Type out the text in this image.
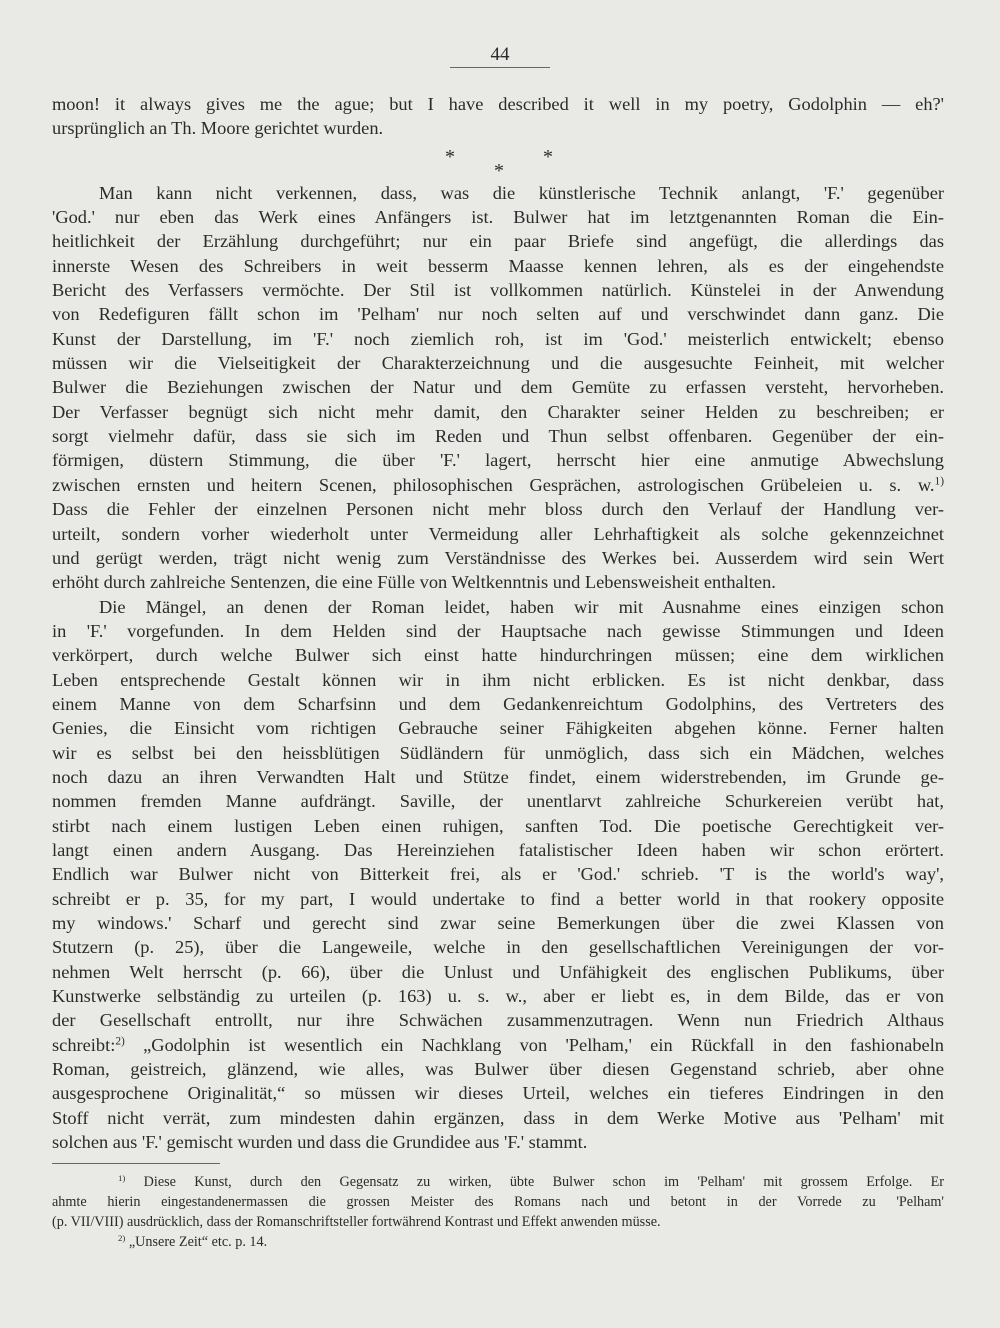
44

moon! it always gives me the ague; but I have described it well in my poetry, Godolphin — eh?'
ursprünglich an Th. Moore gerichtet wurden.

*
*
*

Man kann nicht verkennen, dass, was die künstlerische Technik anlangt, 'F.' gegenüber
'God.' nur eben das Werk eines Anfängers ist. Bulwer hat im letztgenannten Roman die Ein-
heitlichkeit der Erzählung durchgeführt; nur ein paar Briefe sind angefügt, die allerdings das
innerste Wesen des Schreibers in weit besserm Maasse kennen lehren, als es der eingehendste
Bericht des Verfassers vermöchte. Der Stil ist vollkommen natürlich. Künstelei in der Anwendung
von Redefiguren fällt schon im 'Pelham' nur noch selten auf und verschwindet dann ganz. Die
Kunst der Darstellung, im 'F.' noch ziemlich roh, ist im 'God.' meisterlich entwickelt; ebenso
müssen wir die Vielseitigkeit der Charakterzeichnung und die ausgesuchte Feinheit, mit welcher
Bulwer die Beziehungen zwischen der Natur und dem Gemüte zu erfassen versteht, hervorheben.
Der Verfasser begnügt sich nicht mehr damit, den Charakter seiner Helden zu beschreiben; er
sorgt vielmehr dafür, dass sie sich im Reden und Thun selbst offenbaren. Gegenüber der ein-
förmigen, düstern Stimmung, die über 'F.' lagert, herrscht hier eine anmutige Abwechslung
zwischen ernsten und heitern Scenen, philosophischen Gesprächen, astrologischen Grübeleien u. s. w.$^{1)}$
Dass die Fehler der einzelnen Personen nicht mehr bloss durch den Verlauf der Handlung ver-
urteilt, sondern vorher wiederholt unter Vermeidung aller Lehrhaftigkeit als solche gekennzeichnet
und gerügt werden, trägt nicht wenig zum Verständnisse des Werkes bei. Ausserdem wird sein Wert
erhöht durch zahlreiche Sentenzen, die eine Fülle von Weltkenntnis und Lebensweisheit enthalten.

Die Mängel, an denen der Roman leidet, haben wir mit Ausnahme eines einzigen schon
in 'F.' vorgefunden. In dem Helden sind der Hauptsache nach gewisse Stimmungen und Ideen
verkörpert, durch welche Bulwer sich einst hatte hindurchringen müssen; eine dem wirklichen
Leben entsprechende Gestalt können wir in ihm nicht erblicken. Es ist nicht denkbar, dass
einem Manne von dem Scharfsinn und dem Gedankenreichtum Godolphins, des Vertreters des
Genies, die Einsicht vom richtigen Gebrauche seiner Fähigkeiten abgehen könne. Ferner halten
wir es selbst bei den heissblütigen Südländern für unmöglich, dass sich ein Mädchen, welches
noch dazu an ihren Verwandten Halt und Stütze findet, einem widerstrebenden, im Grunde ge-
nommen fremden Manne aufdrängt. Saville, der unentlarvt zahlreiche Schurkereien verübt hat,
stirbt nach einem lustigen Leben einen ruhigen, sanften Tod. Die poetische Gerechtigkeit ver-
langt einen andern Ausgang. Das Hereinziehen fatalistischer Ideen haben wir schon erörtert.
Endlich war Bulwer nicht von Bitterkeit frei, als er 'God.' schrieb. 'T is the world's way',
schreibt er p. 35, for my part, I would undertake to find a better world in that rookery opposite
my windows.' Scharf und gerecht sind zwar seine Bemerkungen über die zwei Klassen von
Stutzern (p. 25), über die Langeweile, welche in den gesellschaftlichen Vereinigungen der vor-
nehmen Welt herrscht (p. 66), über die Unlust und Unfähigkeit des englischen Publikums, über
Kunstwerke selbständig zu urteilen (p. 163) u. s. w., aber er liebt es, in dem Bilde, das er von
der Gesellschaft entrollt, nur ihre Schwächen zusammenzutragen. Wenn nun Friedrich Althaus
schreibt:$^{2)}$ „Godolphin ist wesentlich ein Nachklang von 'Pelham,' ein Rückfall in den fashionabeln
Roman, geistreich, glänzend, wie alles, was Bulwer über diesen Gegenstand schrieb, aber ohne
ausgesprochene Originalität,“ so müssen wir dieses Urteil, welches ein tieferes Eindringen in den
Stoff nicht verrät, zum mindesten dahin ergänzen, dass in dem Werke Motive aus 'Pelham' mit
solchen aus 'F.' gemischt wurden und dass die Grundidee aus 'F.' stammt.

$^{1)}$ Diese Kunst, durch den Gegensatz zu wirken, übte Bulwer schon im 'Pelham' mit grossem Erfolge. Er
ahmte hierin eingestandenermassen die grossen Meister des Romans nach und betont in der Vorrede zu 'Pelham'
(p. VII/VIII) ausdrücklich, dass der Romanschriftsteller fortwährend Kontrast und Effekt anwenden müsse.

$^{2)}$ „Unsere Zeit“ etc. p. 14.
